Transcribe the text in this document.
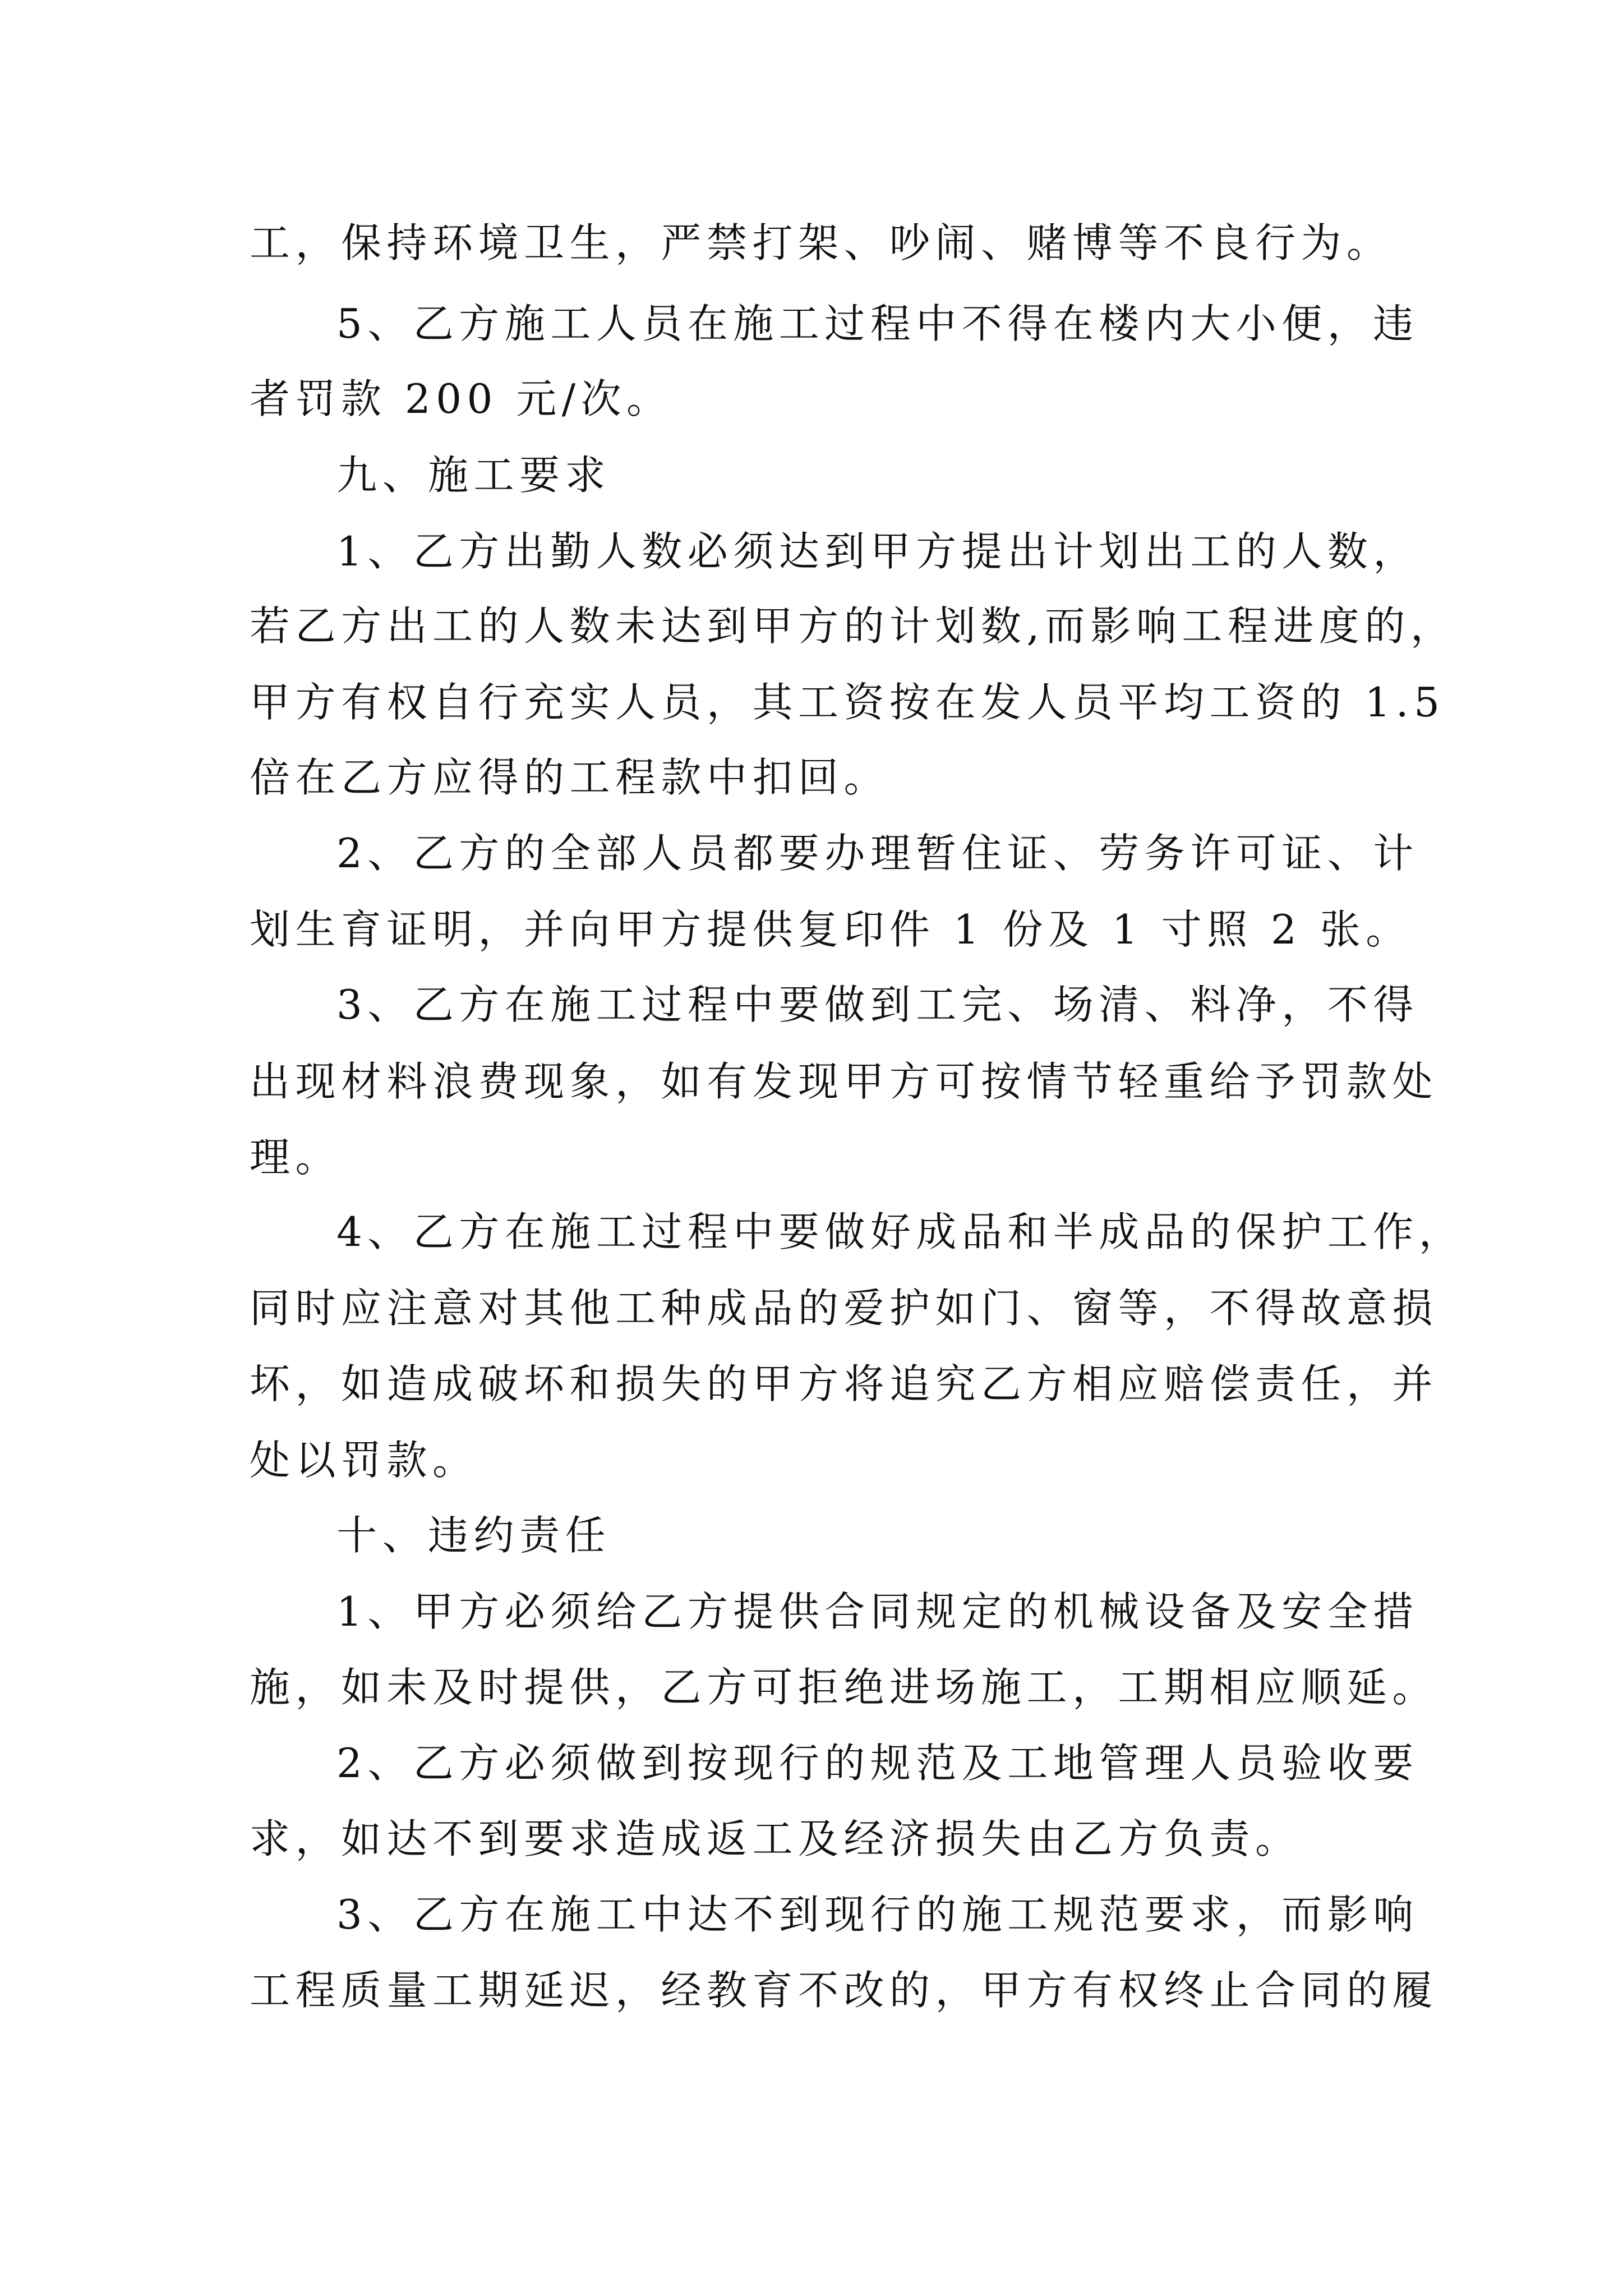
工，保持环境卫生，严禁打架、吵闹、赌博等不良行为。

5、乙方施工人员在施工过程中不得在楼内大小便，违

者罚款 200 元/次。

九、施工要求

1、乙方出勤人数必须达到甲方提出计划出工的人数，

若乙方出工的人数未达到甲方的计划数,而影响工程进度的，

甲方有权自行充实人员，其工资按在发人员平均工资的 1.5

倍在乙方应得的工程款中扣回。

2、乙方的全部人员都要办理暂住证、劳务许可证、计

划生育证明，并向甲方提供复印件 1 份及 1 寸照 2 张。

3、乙方在施工过程中要做到工完、场清、料净，不得

出现材料浪费现象，如有发现甲方可按情节轻重给予罚款处

理。

4、乙方在施工过程中要做好成品和半成品的保护工作，

同时应注意对其他工种成品的爱护如门、窗等，不得故意损

坏，如造成破坏和损失的甲方将追究乙方相应赔偿责任，并

处以罚款。

十、违约责任

1、甲方必须给乙方提供合同规定的机械设备及安全措

施，如未及时提供，乙方可拒绝进场施工，工期相应顺延。

2、乙方必须做到按现行的规范及工地管理人员验收要

求，如达不到要求造成返工及经济损失由乙方负责。

3、乙方在施工中达不到现行的施工规范要求，而影响

工程质量工期延迟，经教育不改的，甲方有权终止合同的履
